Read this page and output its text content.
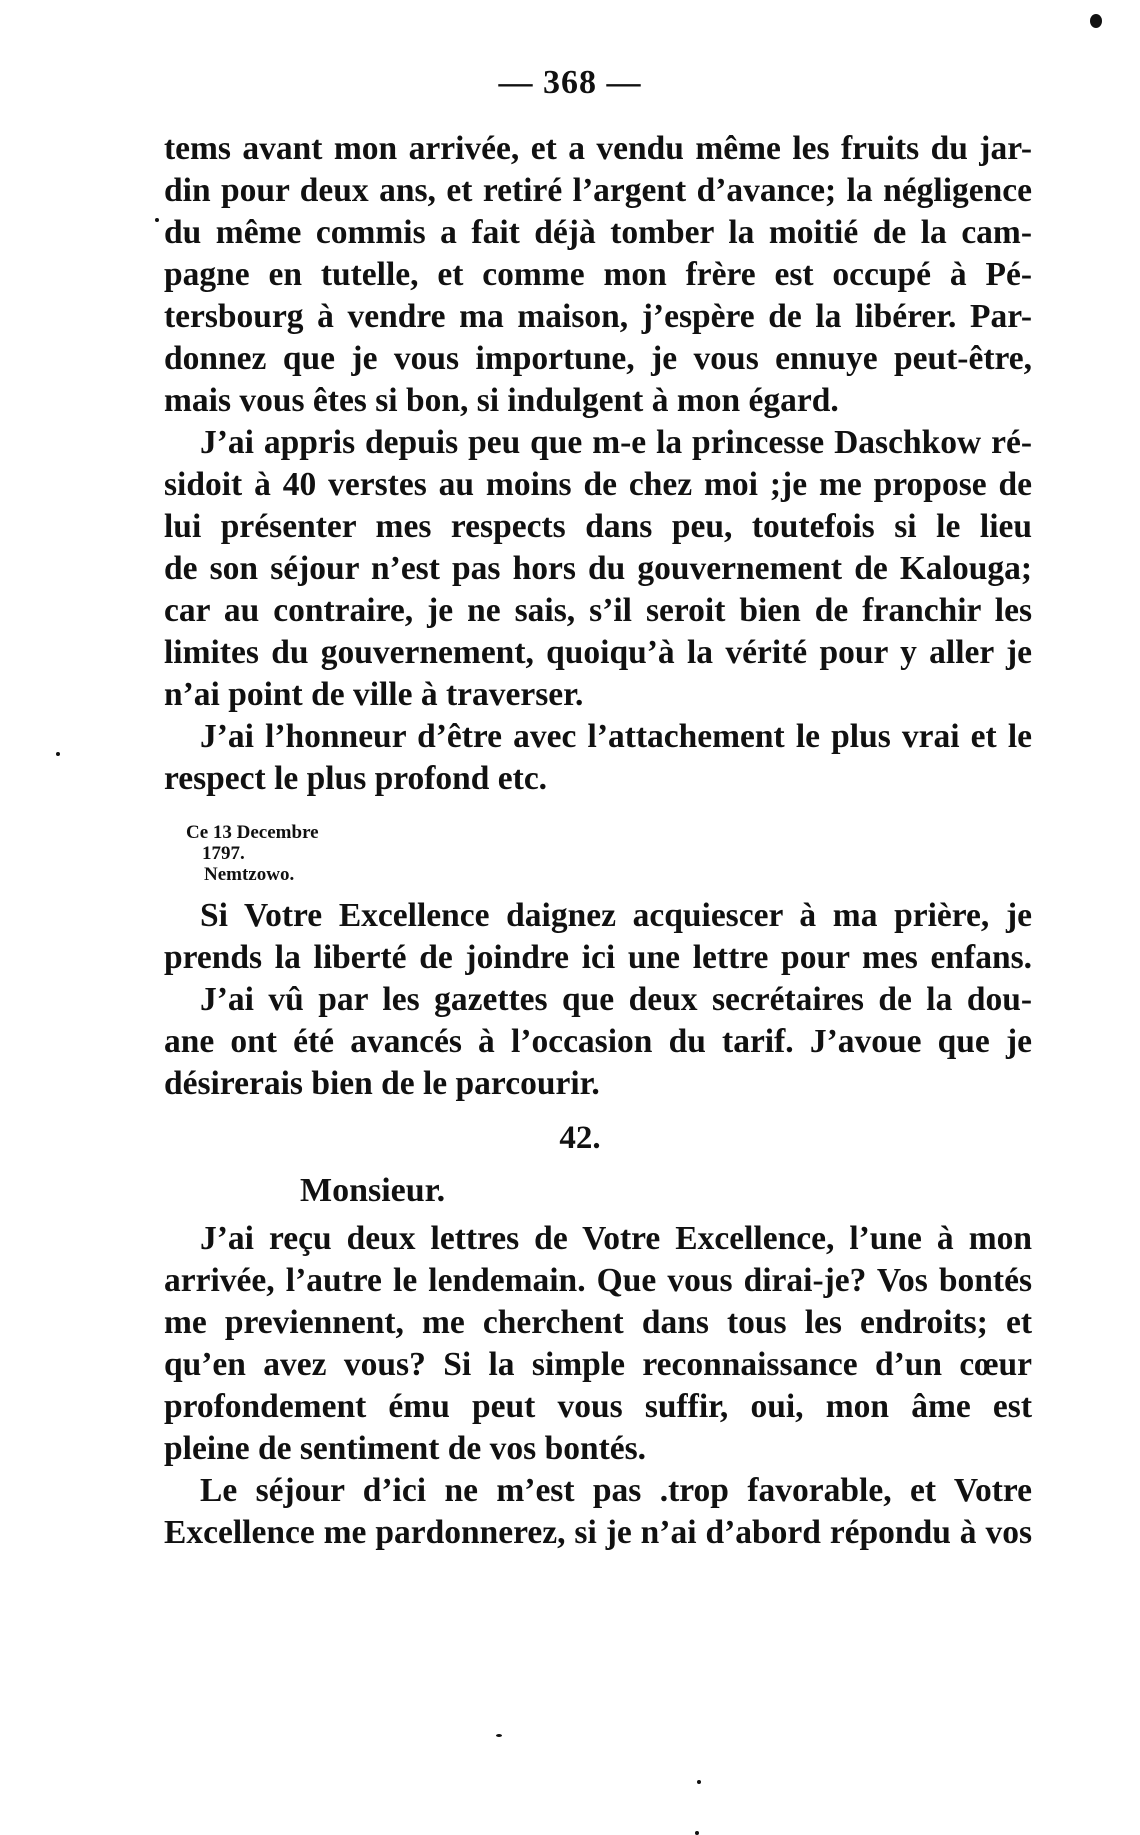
— 368 —

tems avant mon arrivée, et a vendu même les fruits du jar-
din pour deux ans, et retiré l’argent d’avance; la négligence
du même commis a fait déjà tomber la moitié de la cam-
pagne en tutelle, et comme mon frère est occupé à Pé-
tersbourg à vendre ma maison, j’espère de la libérer. Par-
donnez que je vous importune, je vous ennuye peut-être,
mais vous êtes si bon, si indulgent à mon égard.

J’ai appris depuis peu que m-e la princesse Daschkow ré-
sidoit à 40 verstes au moins de chez moi ;je me propose de
lui présenter mes respects dans peu, toutefois si le lieu
de son séjour n’est pas hors du gouvernement de Kalouga;
car au contraire, je ne sais, s’il seroit bien de franchir les
limites du gouvernement, quoiqu’à la vérité pour y aller je
n’ai point de ville à traverser.

J’ai l’honneur d’être avec l’attachement le plus vrai et le
respect le plus profond etc.

Ce 13 Decembre
1797.
Nemtzowo.

Si Votre Excellence daignez acquiescer à ma prière, je
prends la liberté de joindre ici une lettre pour mes enfans.

J’ai vû par les gazettes que deux secrétaires de la dou-
ane ont été avancés à l’occasion du tarif. J’avoue que je
désirerais bien de le parcourir.

42.
Monsieur.

J’ai reçu deux lettres de Votre Excellence, l’une à mon
arrivée, l’autre le lendemain. Que vous dirai-je? Vos bontés
me previennent, me cherchent dans tous les endroits; et
qu’en avez vous? Si la simple reconnaissance d’un cœur
profondement ému peut vous suffir, oui, mon âme est
pleine de sentiment de vos bontés.

Le séjour d’ici ne m’est pas .trop favorable, et Votre
Excellence me pardonnerez, si je n’ai d’abord répondu à vos
